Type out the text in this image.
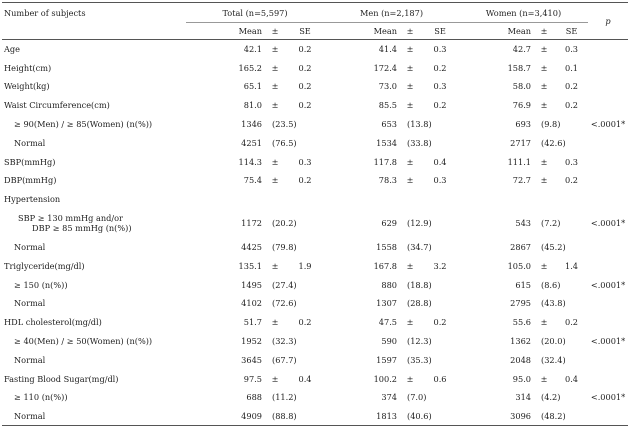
Number of subjects	Total (n=5,597)			Men (n=2,187)			Women (n=3,410)			p
	Mean	±	SE	Mean	±	SE	Mean	±	SE	
Age	42.1	±	0.2	41.4	±	0.3	42.7	±	0.3	
Height(cm)	165.2	±	0.2	172.4	±	0.2	158.7	±	0.1	
Weight(kg)	65.1	±	0.2	73.0	±	0.3	58.0	±	0.2	
Waist Circumference(cm)	81.0	±	0.2	85.5	±	0.2	76.9	±	0.2	
≥ 90(Men) / ≥ 85(Women) (n(%))	1346	(23.5)		653	(13.8)		693	(9.8)		<.0001*
Normal	4251	(76.5)		1534	(33.8)		2717	(42.6)		
SBP(mmHg)	114.3	±	0.3	117.8	±	0.4	111.1	±	0.3	
DBP(mmHg)	75.4	±	0.2	78.3	±	0.3	72.7	±	0.2	
Hypertension										

SBP ≥ 130 mmHg and/or
DBP ≥ 85 mmHg (n(%))	1172	(20.2)		629	(12.9)		543	(7.2)		<.0001*
Normal	4425	(79.8)		1558	(34.7)		2867	(45.2)		
Triglyceride(mg/dl)	135.1	±	1.9	167.8	±	3.2	105.0	±	1.4	
≥ 150 (n(%))	1495	(27.4)		880	(18.8)		615	(8.6)		<.0001*
Normal	4102	(72.6)		1307	(28.8)		2795	(43.8)		
HDL cholesterol(mg/dl)	51.7	±	0.2	47.5	±	0.2	55.6	±	0.2	
≥ 40(Men) / ≥ 50(Women) (n(%))	1952	(32.3)		590	(12.3)		1362	(20.0)		<.0001*
Normal	3645	(67.7)		1597	(35.3)		2048	(32.4)		
Fasting Blood Sugar(mg/dl)	97.5	±	0.4	100.2	±	0.6	95.0	±	0.4	
≥ 110 (n(%))	688	(11.2)		374	(7.0)		314	(4.2)		<.0001*
Normal	4909	(88.8)		1813	(40.6)		3096	(48.2)		
